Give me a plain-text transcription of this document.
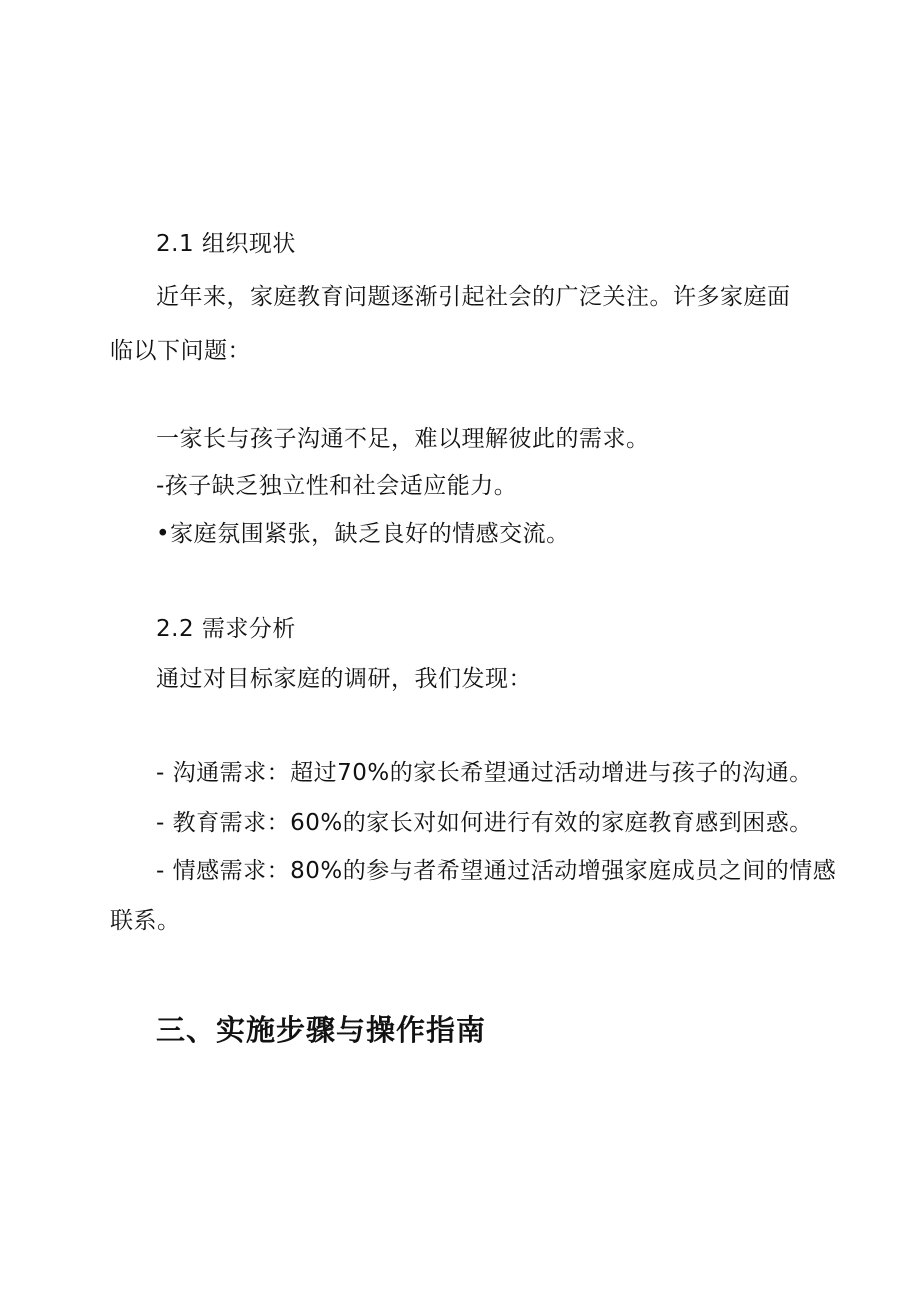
2.1 组织现状
近年来，家庭教育问题逐渐引起社会的广泛关注。许多家庭面
临以下问题：
一家长与孩子沟通不足，难以理解彼此的需求。
-孩子缺乏独立性和社会适应能力。
•家庭氛围紧张，缺乏良好的情感交流。
2.2 需求分析
通过对目标家庭的调研，我们发现：
- 沟通需求：超过70%的家长希望通过活动增进与孩子的沟通。
- 教育需求：60%的家长对如何进行有效的家庭教育感到困惑。
- 情感需求：80%的参与者希望通过活动增强家庭成员之间的情感
联系。
三、实施步骤与操作指南
